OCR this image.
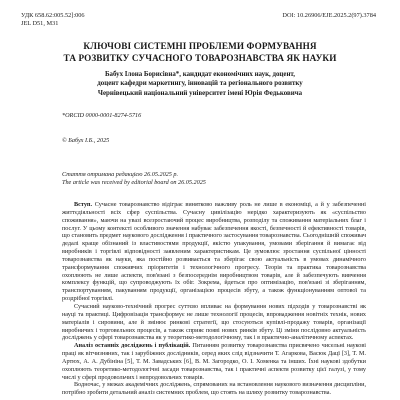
УДК 658.62:005.52]:006
JEL D51, M31
DOI: 10.26906/EJE.2025.2(97).3784
КЛЮЧОВІ СИСТЕМНІ ПРОБЛЕМИ ФОРМУВАННЯ
ТА РОЗВИТКУ СУЧАСНОГО ТОВАРОЗНАВСТВА ЯК НАУКИ
Бабух Ілона Борисівна*, кандидат економічних наук, доцент,
доцент кафедри маркетингу, інновацій та регіонального розвитку
Чернівецький національний університет імені Юрія Федьковича
*ORCID 0000-0001-8274-5716
© Бабух І.Б., 2025
Стаття отримана редакцією 26.05.2025 р.
The article was received by editorial board on 26.05.2025

Вступ. Сучасне товарознавство відіграє винятково важливу роль не лише в економіці, а й у забезпеченні життєдіяльності всіх сфер суспільства. Сучасну цивілізацію нерідко характеризують як «суспільство споживання», маючи на увазі всезростаючий процес виробництва, розподілу та споживання матеріальних благ і послуг. У цьому контексті особливого значення набуває забезпечення якості, безпечності й ефективності товарів, що становить предмет наукового дослідження і практичного застосування товарознавства. Сьогоднішній споживач дедалі краще обізнаний із властивостями продукції, якістю упакування, умовами зберігання й вимагає від виробників і торгівлі відповідності заявленим характеристикам. Це зумовлює зростання суспільної цінності товарознавства як науки, яка постійно розвивається та зберігає свою актуальність в умовах динамічного трансформування споживчих пріоритетів і технологічного прогресу. Теорія та практика товарознавства охоплюють не лише аспекти, пов'язані з безпосереднім виробництвом товарів, але й забезпечують вивчення комплексу функцій, що супроводжують їх обіг. Зокрема, йдеться про оптимізацію, пов'язані зі зберіганням, транспортуванням, пакуванням продукції, організацією процесів збуту, а також функціонуванням оптової та роздрібної торгівлі.

Сучасний науково-технічний прогрес суттєво впливає на формування нових підходів у товарознавстві як науці та практиці. Цифровізація трансформує не лише технології процесів, впровадження новітніх технік, нових матеріалів і сировини, але й змінює ринкові стратегії, що стосуються купівлі-продажу товарів, організації виробничих і торговельних процесів, а також сприяє появі нових ринків збуту. Ці зміни послідовно актуальність досліджень у сфері товарознавства як у теоретико-методологічному, так і в практично-аналітичному аспектах.

Аналіз останніх досліджень і публікацій. Питанням розвитку товарознавства присвячено чисельні наукові праці як вітчизняних, так і зарубіжних дослідників, серед яких слід відзначити Т. Агаркова, Васюк Дацї [3], Т. М. Артюх, А. А. Дубініна [5], Т. М. Завадських [6], В. М. Загородко, О. І. Хоменка та інших. Їхні наукові здобутки охоплюють теоретико-методологічні засади товарознавства, так і практичні аспекти розвитку цієї галузі, у тому числі у сфері продовольчих і непродовольчих товарів.

Водночас, у межах академічних досліджень, спрямованих на встановлення наукового визначення дисципліни, потрібно зробити детальний аналіз системних проблем, що стоять на шляху розвитку товарознавства.
